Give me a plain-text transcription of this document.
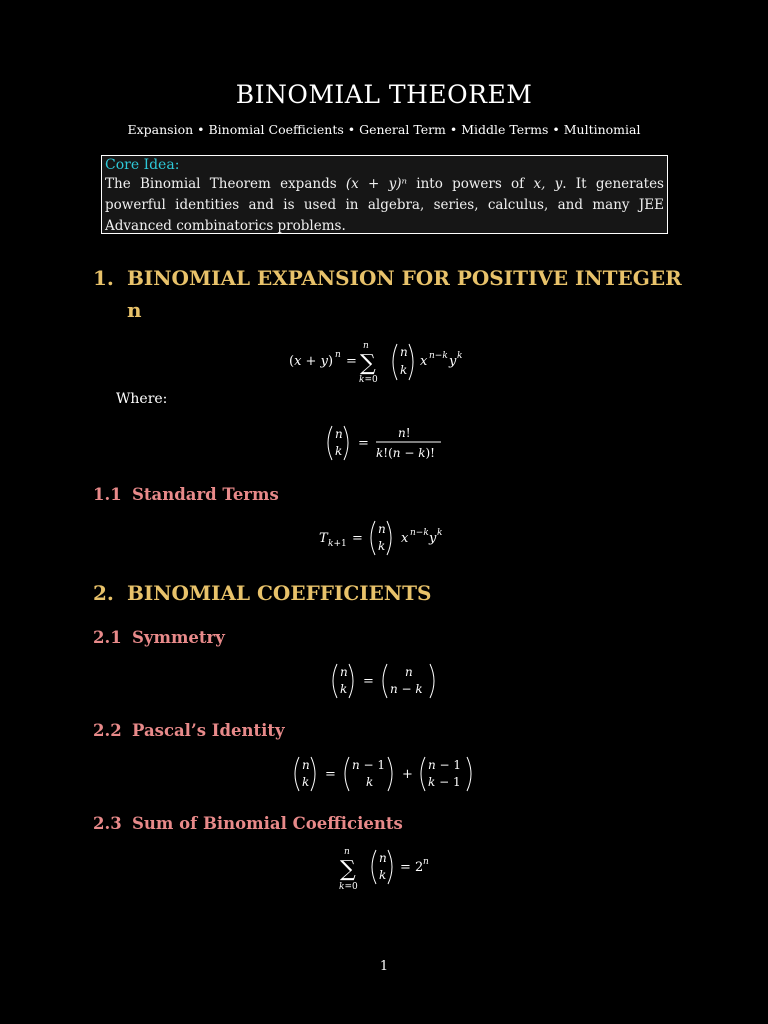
BINOMIAL THEOREM
Expansion • Binomial Coefficients • General Term • Middle Terms • Multinomial
Core Idea:
The Binomial Theorem expands (x + y)ⁿ into powers of x, y. It generates powerful identities and is used in algebra, series, calculus, and many JEE Advanced combinatorics problems.
1. BINOMIAL EXPANSION FOR POSITIVE INTEGER n
(x + y) n =
n
∑
k=0
n
k
x n−k y k
Where:
n
k =
n!
k!(n − k)!
1.1 Standard Terms
T k+1 =
n
k x n−k y k
2. BINOMIAL COEFFICIENTS
2.1 Symmetry
n
k =
n
n − k
2.2 Pascal’s Identity
n
k =
n − 1
k +
n − 1
k − 1
2.3 Sum of Binomial Coefficients
n
∑
k=0
n
k = 2 n
1
